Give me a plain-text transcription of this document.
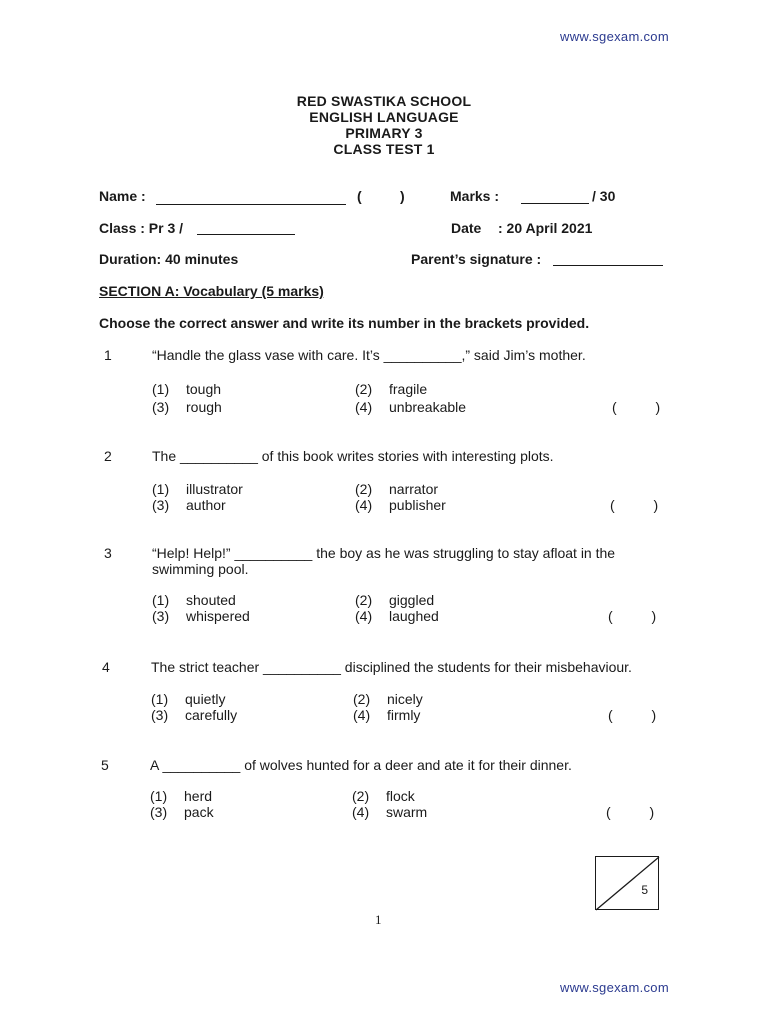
www.sgexam.com
RED SWASTIKA SCHOOL
ENGLISH LANGUAGE
PRIMARY 3
CLASS TEST 1
Name :	(	)	Marks :	/ 30
Class : Pr 3 /	Date : 20 April 2021
Duration: 40 minutes	Parent’s signature :
SECTION A: Vocabulary (5 marks)
Choose the correct answer and write its number in the brackets provided.
1	“Handle the glass vase with care. It’s __________,” said Jim’s mother.
(1) tough	(2) fragile
(3) rough	(4) unbreakable	(          )
2	The __________ of this book writes stories with interesting plots.
(1) illustrator	(2) narrator
(3) author	(4) publisher	(          )
3	“Help! Help!” __________ the boy as he was struggling to stay afloat in the
swimming pool.
(1) shouted	(2) giggled
(3) whispered	(4) laughed	(          )
4	The strict teacher __________ disciplined the students for their misbehaviour.
(1) quietly	(2) nicely
(3) carefully	(4) firmly	(          )
5	A __________ of wolves hunted for a deer and ate it for their dinner.
(1) herd	(2) flock
(3) pack	(4) swarm	(          )
5
1
www.sgexam.com
